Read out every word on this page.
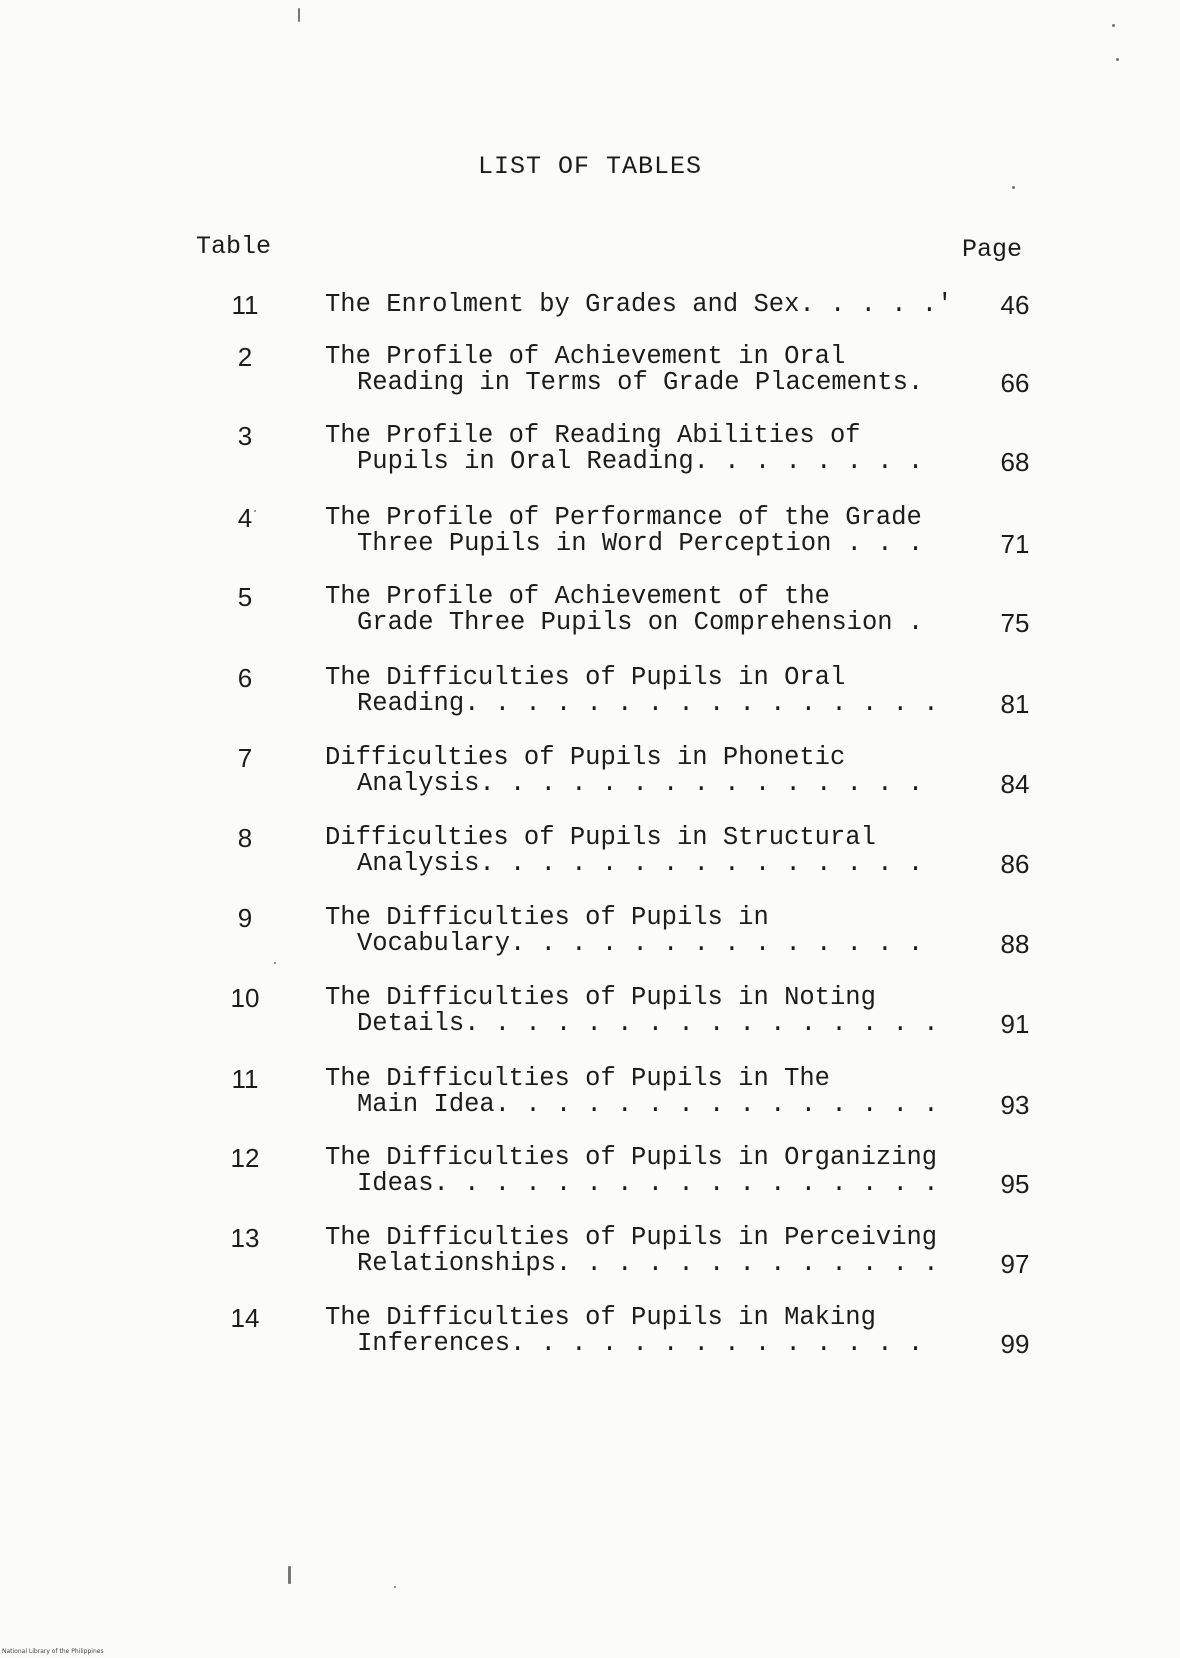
LIST OF TABLES
Table	Page
11	The Enrolment by Grades and Sex. . . . .'	46
2	The Profile of Achievement in Oral
Reading in Terms of Grade Placements.	66
3	The Profile of Reading Abilities of
Pupils in Oral Reading. . . . . . . .	68
4	The Profile of Performance of the Grade
Three Pupils in Word Perception . . .	71
5	The Profile of Achievement of the
Grade Three Pupils on Comprehension .	75
6	The Difficulties of Pupils in Oral
Reading. . . . . . . . . . . . . . . .	81
7	Difficulties of Pupils in Phonetic
Analysis. . . . . . . . . . . . . . .	84
8	Difficulties of Pupils in Structural
Analysis. . . . . . . . . . . . . . .	86
9	The Difficulties of Pupils in
Vocabulary. . . . . . . . . . . . . .	88
10	The Difficulties of Pupils in Noting
Details. . . . . . . . . . . . . . . .	91
11	The Difficulties of Pupils in The
Main Idea. . . . . . . . . . . . . . .	93
12	The Difficulties of Pupils in Organizing
Ideas. . . . . . . . . . . . . . . . .	95
13	The Difficulties of Pupils in Perceiving
Relationships. . . . . . . . . . . . .	97
14	The Difficulties of Pupils in Making
Inferences. . . . . . . . . . . . . .	99
National Library of the Philippines
